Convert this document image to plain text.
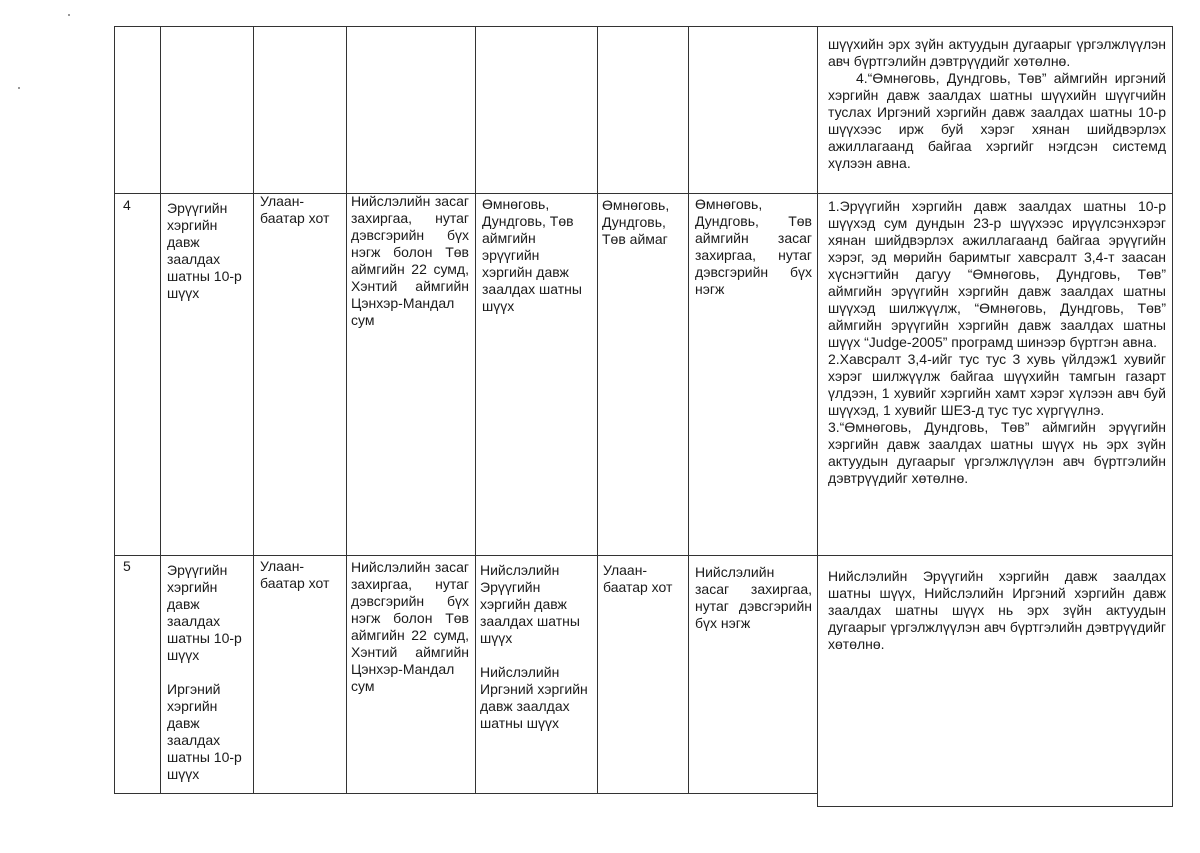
шүүхийн эрх зүйн актуудын дугаарыг үргэлжлүүлэн авч бүртгэлийн дэвтрүүдийг хөтөлнө.

4.“Өмнөговь, Дундговь, Төв” аймгийн иргэний хэргийн давж заалдах шатны шүүхийн шүүгчийн туслах Иргэний хэргийн давж заалдах шатны 10-р шүүхээс ирж буй хэрэг хянан шийдвэрлэх ажиллагаанд байгаа хэргийг нэгдсэн системд хүлээн авна.

4	Эрүүгийн хэргийн давж заалдах шатны 10-р шүүх

Улаан-баатар хот

Нийслэлийн засаг захиргаа, нутаг дэвсгэрийн бүх нэгж болон Төв аймгийн 22 сумд, Хэнтий аймгийн Цэнхэр-Мандал сум

Өмнөговь, Дундговь, Төв аймгийн эрүүгийн хэргийн давж заалдах шатны шүүх

Өмнөговь, Дундговь, Төв аймаг

Өмнөговь, Дундговь, Төв аймгийн засаг захиргаа, нутаг дэвсгэрийн бүх нэгж

1.Эрүүгийн хэргийн давж заалдах шатны 10-р шүүхэд сум дундын 23-р шүүхээс ирүүлсэнхэрэг хянан шийдвэрлэх ажиллагаанд байгаа эрүүгийн хэрэг, эд мөрийн баримтыг хавсралт 3,4-т заасан хүснэгтийн дагуу “Өмнөговь, Дундговь, Төв” аймгийн эрүүгийн хэргийн давж заалдах шатны шүүхэд шилжүүлж, “Өмнөговь, Дундговь, Төв” аймгийн эрүүгийн хэргийн давж заалдах шатны шүүх “Judge-2005” програмд шинээр бүртгэн авна.

2.Хавсралт 3,4-ийг тус тус 3 хувь үйлдэж1 хувийг хэрэг шилжүүлж байгаа шүүхийн тамгын газарт үлдээн, 1 хувийг хэргийн хамт хэрэг хүлээн авч буй шүүхэд, 1 хувийг ШЕЗ-д тус тус хүргүүлнэ.

3.“Өмнөговь, Дундговь, Төв” аймгийн эрүүгийн хэргийн давж заалдах шатны шүүх нь эрх зүйн актуудын дугаарыг үргэлжлүүлэн авч бүртгэлийн дэвтрүүдийг хөтөлнө.

5	Эрүүгийн хэргийн давж заалдах шатны 10-р шүүх

Иргэний хэргийн давж заалдах шатны 10-р шүүх

Улаан-баатар хот

Нийслэлийн засаг захиргаа, нутаг дэвсгэрийн бүх нэгж болон Төв аймгийн 22 сумд, Хэнтий аймгийн Цэнхэр-Мандал сум

Нийслэлийн Эрүүгийн хэргийн давж заалдах шатны шүүх

Нийслэлийн Иргэний хэргийн давж заалдах шатны шүүх

Улаан-баатар хот

Нийслэлийн засаг захиргаа, нутаг дэвсгэрийн бүх нэгж

Нийслэлийн Эрүүгийн хэргийн давж заалдах шатны шүүх, Нийслэлийн Иргэний хэргийн давж заалдах шатны шүүх нь эрх зүйн актуудын дугаарыг үргэлжлүүлэн авч бүртгэлийн дэвтрүүдийг хөтөлнө.
